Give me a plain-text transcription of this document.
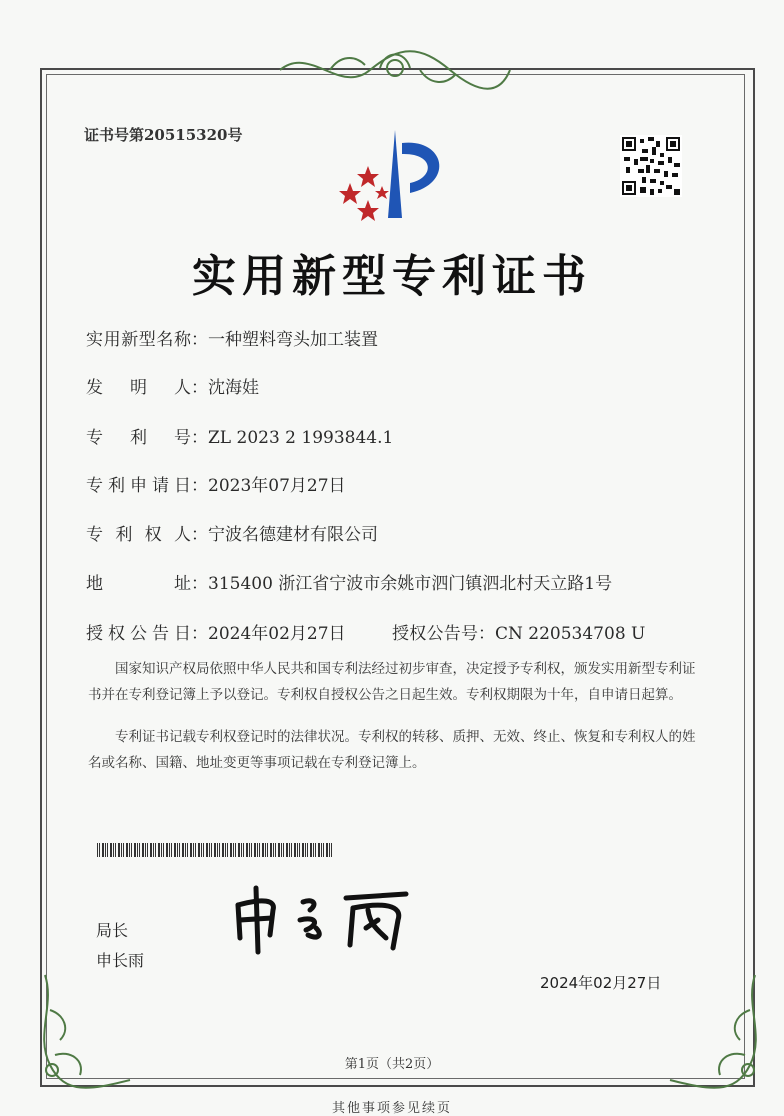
证书号第20515320号
实用新型专利证书
实用新型名称：一种塑料弯头加工装置
发明人：沈海娃
专利号：ZL 2023 2 1993844.1
专利申请日：2023年07月27日
专利权人：宁波名德建材有限公司
地址：315400 浙江省宁波市余姚市泗门镇泗北村天立路1号
授权公告日：2024年02月27日	授权公告号：CN 220534708 U
国家知识产权局依照中华人民共和国专利法经过初步审查，决定授予专利权，颁发实用新型专利证书并在专利登记簿上予以登记。专利权自授权公告之日起生效。专利权期限为十年，自申请日起算。
专利证书记载专利权登记时的法律状况。专利权的转移、质押、无效、终止、恢复和专利权人的姓名或名称、国籍、地址变更等事项记载在专利登记簿上。
局长
申长雨
2024年02月27日
第1页（共2页）
其他事项参见续页
